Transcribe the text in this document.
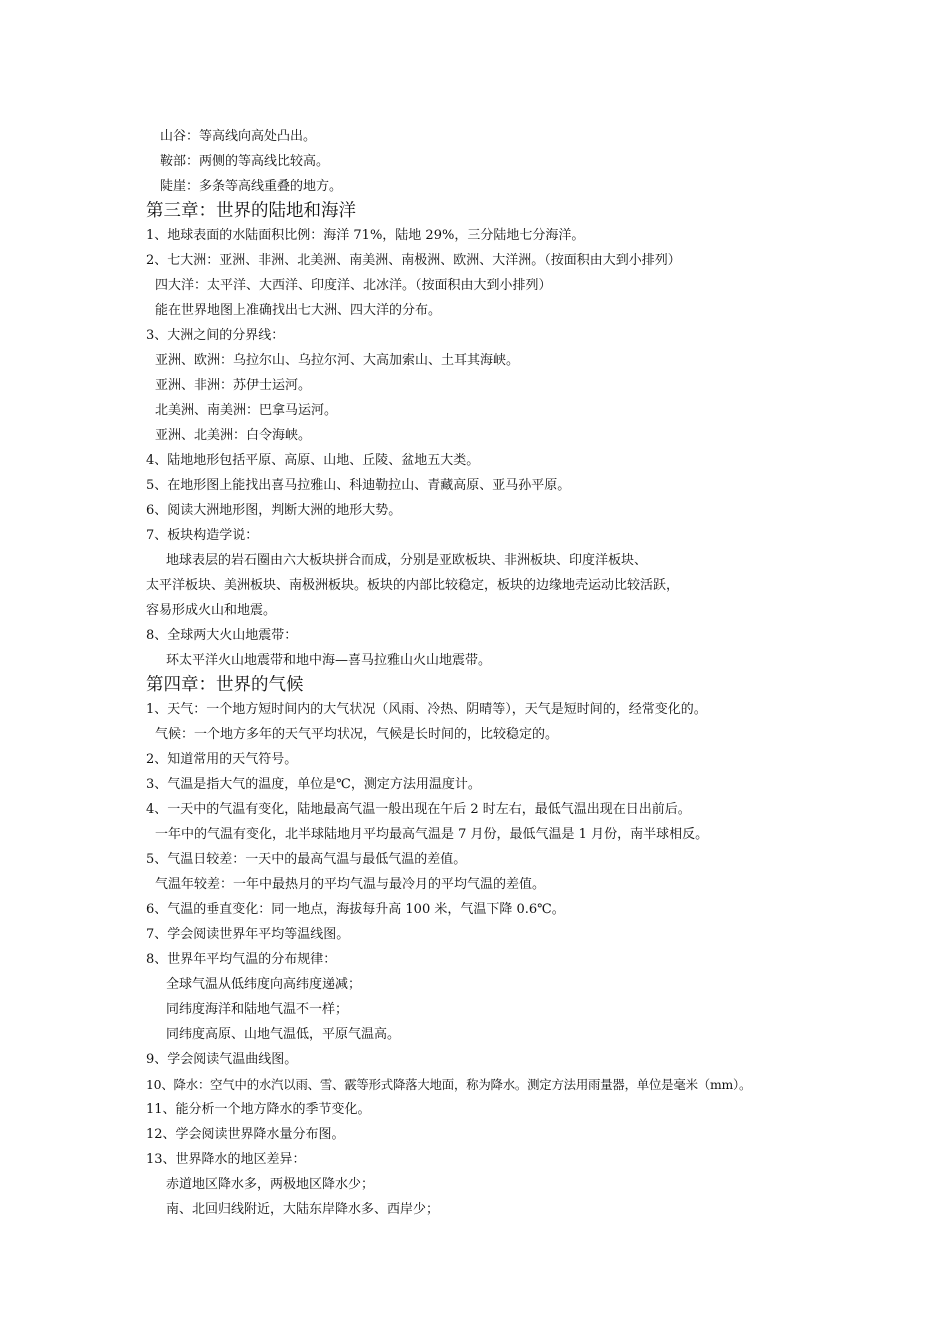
山谷：等高线向高处凸出。
鞍部：两侧的等高线比较高。
陡崖：多条等高线重叠的地方。
第三章：世界的陆地和海洋
1、地球表面的水陆面积比例：海洋 71%，陆地 29%，三分陆地七分海洋。
2、七大洲：亚洲、非洲、北美洲、南美洲、南极洲、欧洲、大洋洲。（按面积由大到小排列）
四大洋：太平洋、大西洋、印度洋、北冰洋。（按面积由大到小排列）
能在世界地图上准确找出七大洲、四大洋的分布。
3、大洲之间的分界线：
亚洲、欧洲：乌拉尔山、乌拉尔河、大高加索山、土耳其海峡。
亚洲、非洲：苏伊士运河。
北美洲、南美洲：巴拿马运河。
亚洲、北美洲：白令海峡。
4、陆地地形包括平原、高原、山地、丘陵、盆地五大类。
5、在地形图上能找出喜马拉雅山、科迪勒拉山、青藏高原、亚马孙平原。
6、阅读大洲地形图，判断大洲的地形大势。
7、板块构造学说：
地球表层的岩石圈由六大板块拼合而成，分别是亚欧板块、非洲板块、印度洋板块、
太平洋板块、美洲板块、南极洲板块。板块的内部比较稳定，板块的边缘地壳运动比较活跃，
容易形成火山和地震。
8、全球两大火山地震带：
环太平洋火山地震带和地中海—喜马拉雅山火山地震带。
第四章：世界的气候
1、天气：一个地方短时间内的大气状况（风雨、冷热、阴晴等），天气是短时间的，经常变化的。
气候：一个地方多年的天气平均状况，气候是长时间的，比较稳定的。
2、知道常用的天气符号。
3、气温是指大气的温度，单位是℃，测定方法用温度计。
4、一天中的气温有变化，陆地最高气温一般出现在午后 2 时左右，最低气温出现在日出前后。
一年中的气温有变化，北半球陆地月平均最高气温是 7 月份，最低气温是 1 月份，南半球相反。
5、气温日较差：一天中的最高气温与最低气温的差值。
气温年较差：一年中最热月的平均气温与最冷月的平均气温的差值。
6、气温的垂直变化：同一地点，海拔每升高 100 米，气温下降 0.6℃。
7、学会阅读世界年平均等温线图。
8、世界年平均气温的分布规律：
全球气温从低纬度向高纬度递减；
同纬度海洋和陆地气温不一样；
同纬度高原、山地气温低，平原气温高。
9、学会阅读气温曲线图。
10、降水：空气中的水汽以雨、雪、霰等形式降落大地面，称为降水。测定方法用雨量器，单位是毫米（mm）。
11、能分析一个地方降水的季节变化。
12、学会阅读世界降水量分布图。
13、世界降水的地区差异：
赤道地区降水多，两极地区降水少；
南、北回归线附近，大陆东岸降水多、西岸少；
